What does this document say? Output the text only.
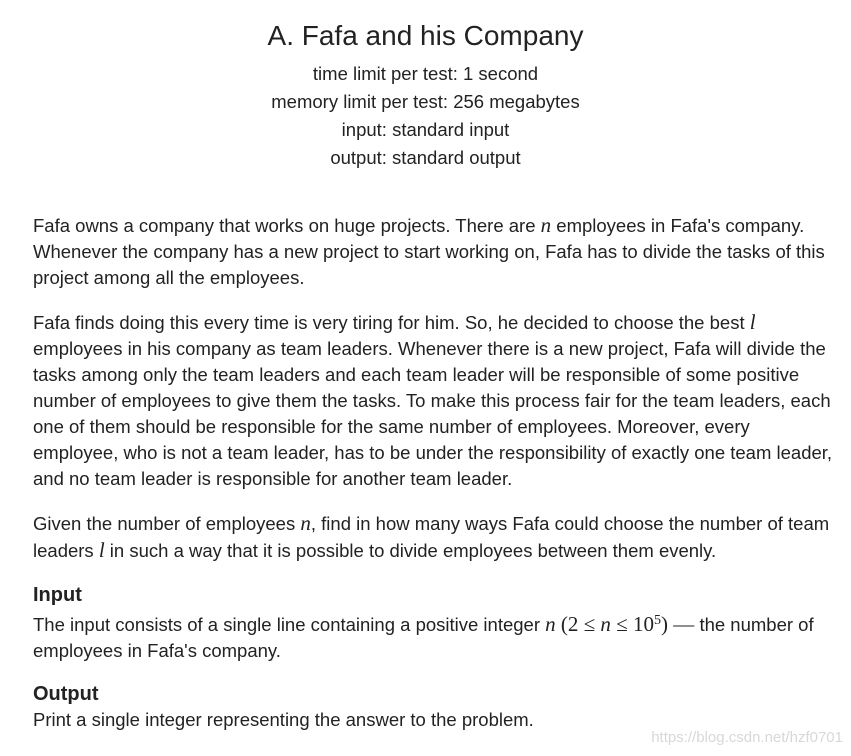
A. Fafa and his Company
time limit per test: 1 second
memory limit per test: 256 megabytes
input: standard input
output: standard output

Fafa owns a company that works on huge projects. There are n employees in Fafa's company. Whenever the company has a new project to start working on, Fafa has to divide the tasks of this project among all the employees.

Fafa finds doing this every time is very tiring for him. So, he decided to choose the best l employees in his company as team leaders. Whenever there is a new project, Fafa will divide the tasks among only the team leaders and each team leader will be responsible of some positive number of employees to give them the tasks. To make this process fair for the team leaders, each one of them should be responsible for the same number of employees. Moreover, every employee, who is not a team leader, has to be under the responsibility of exactly one team leader, and no team leader is responsible for another team leader.

Given the number of employees n, find in how many ways Fafa could choose the number of team leaders l in such a way that it is possible to divide employees between them evenly.

Input
The input consists of a single line containing a positive integer n $(2 \le n \le 10^5)$ — the number of employees in Fafa's company.
Output
Print a single integer representing the answer to the problem.
https://blog.csdn.net/hzf0701
